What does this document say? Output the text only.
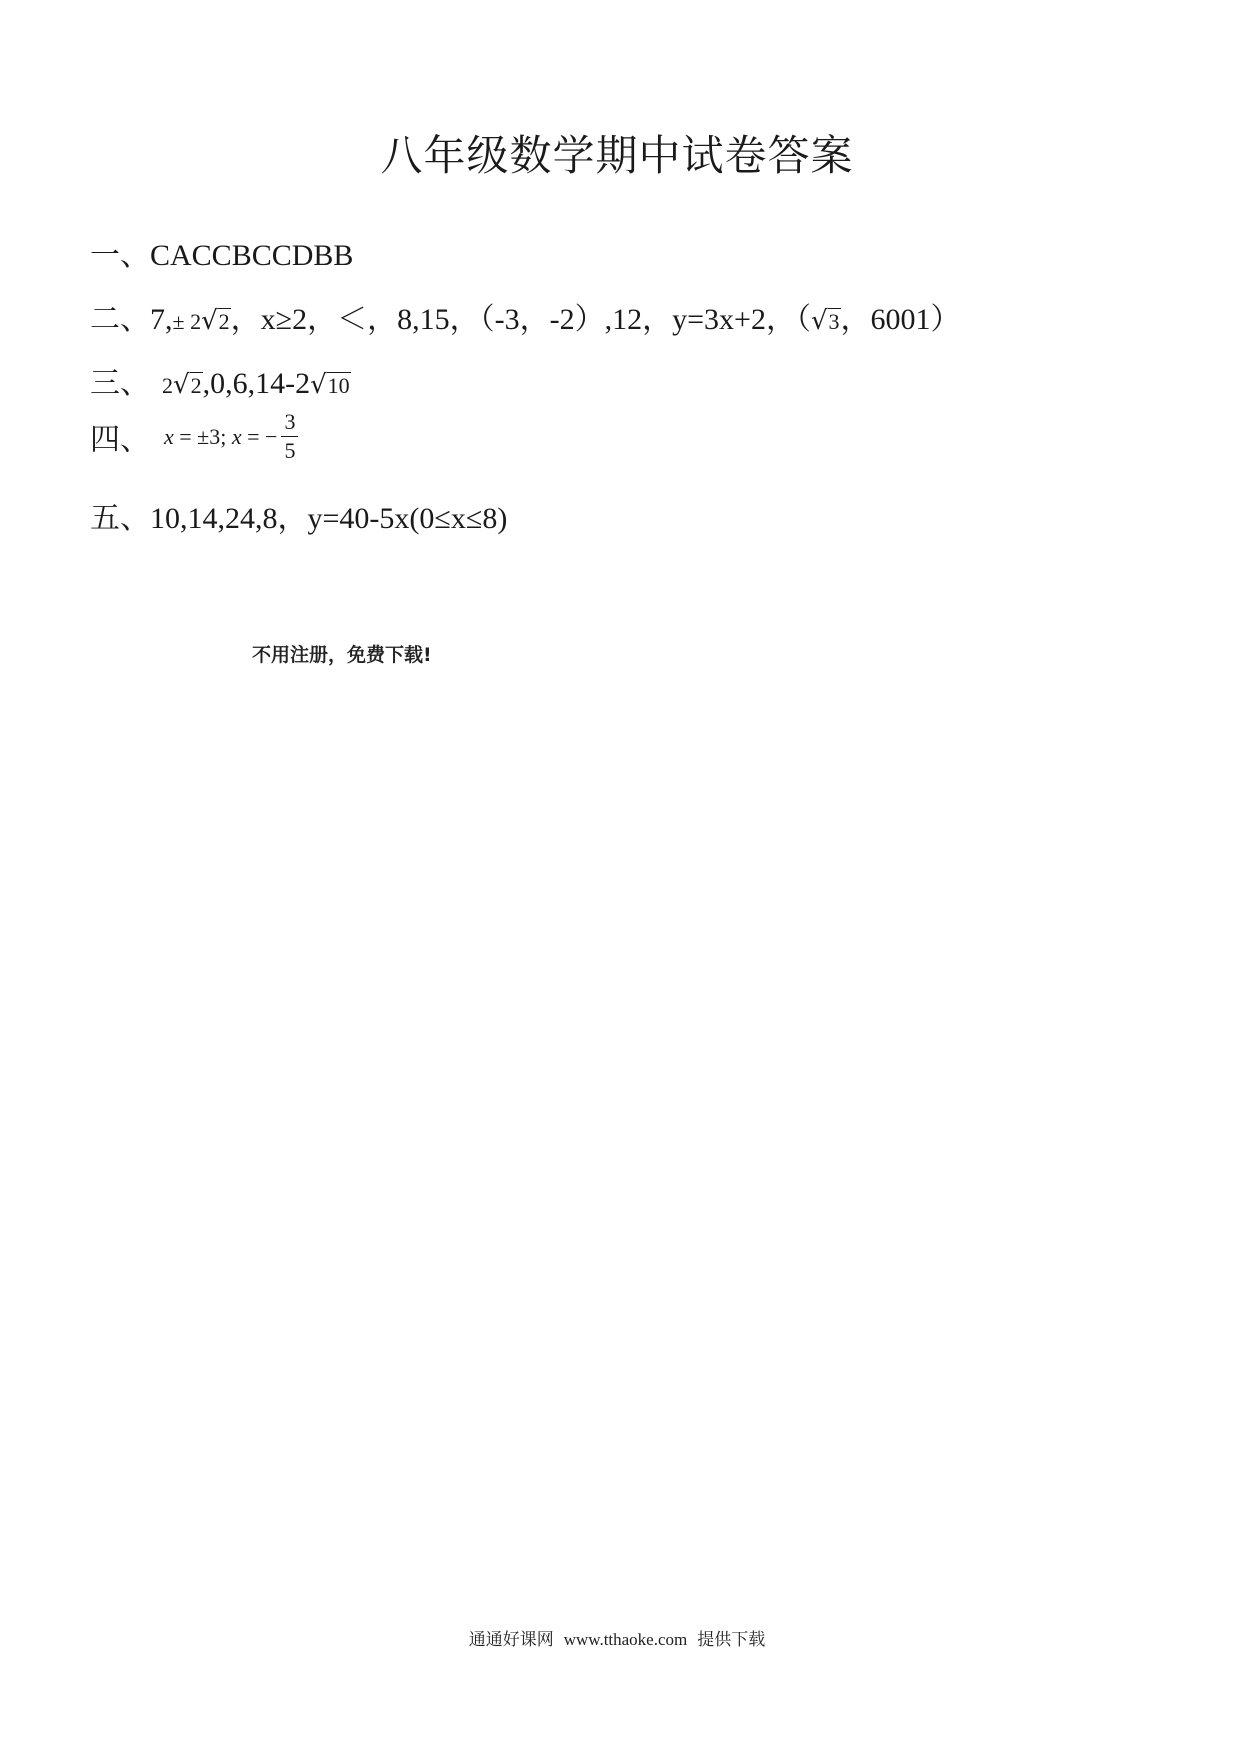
八年级数学期中试卷答案
一、CACCBCCDBB
二、7,± 2√2，x≥2，＜，8,15，（-3，-2）,12，y=3x+2，（√3，6001）
三、 2√2,0,6,14-2√10
四、 x = ±3; x = − $\frac{3}{5}$
五、10,14,24,8，y=40-5x(0≤x≤8)
不用注册，免费下载!
通通好课网 www.tthaoke.com 提供下载
